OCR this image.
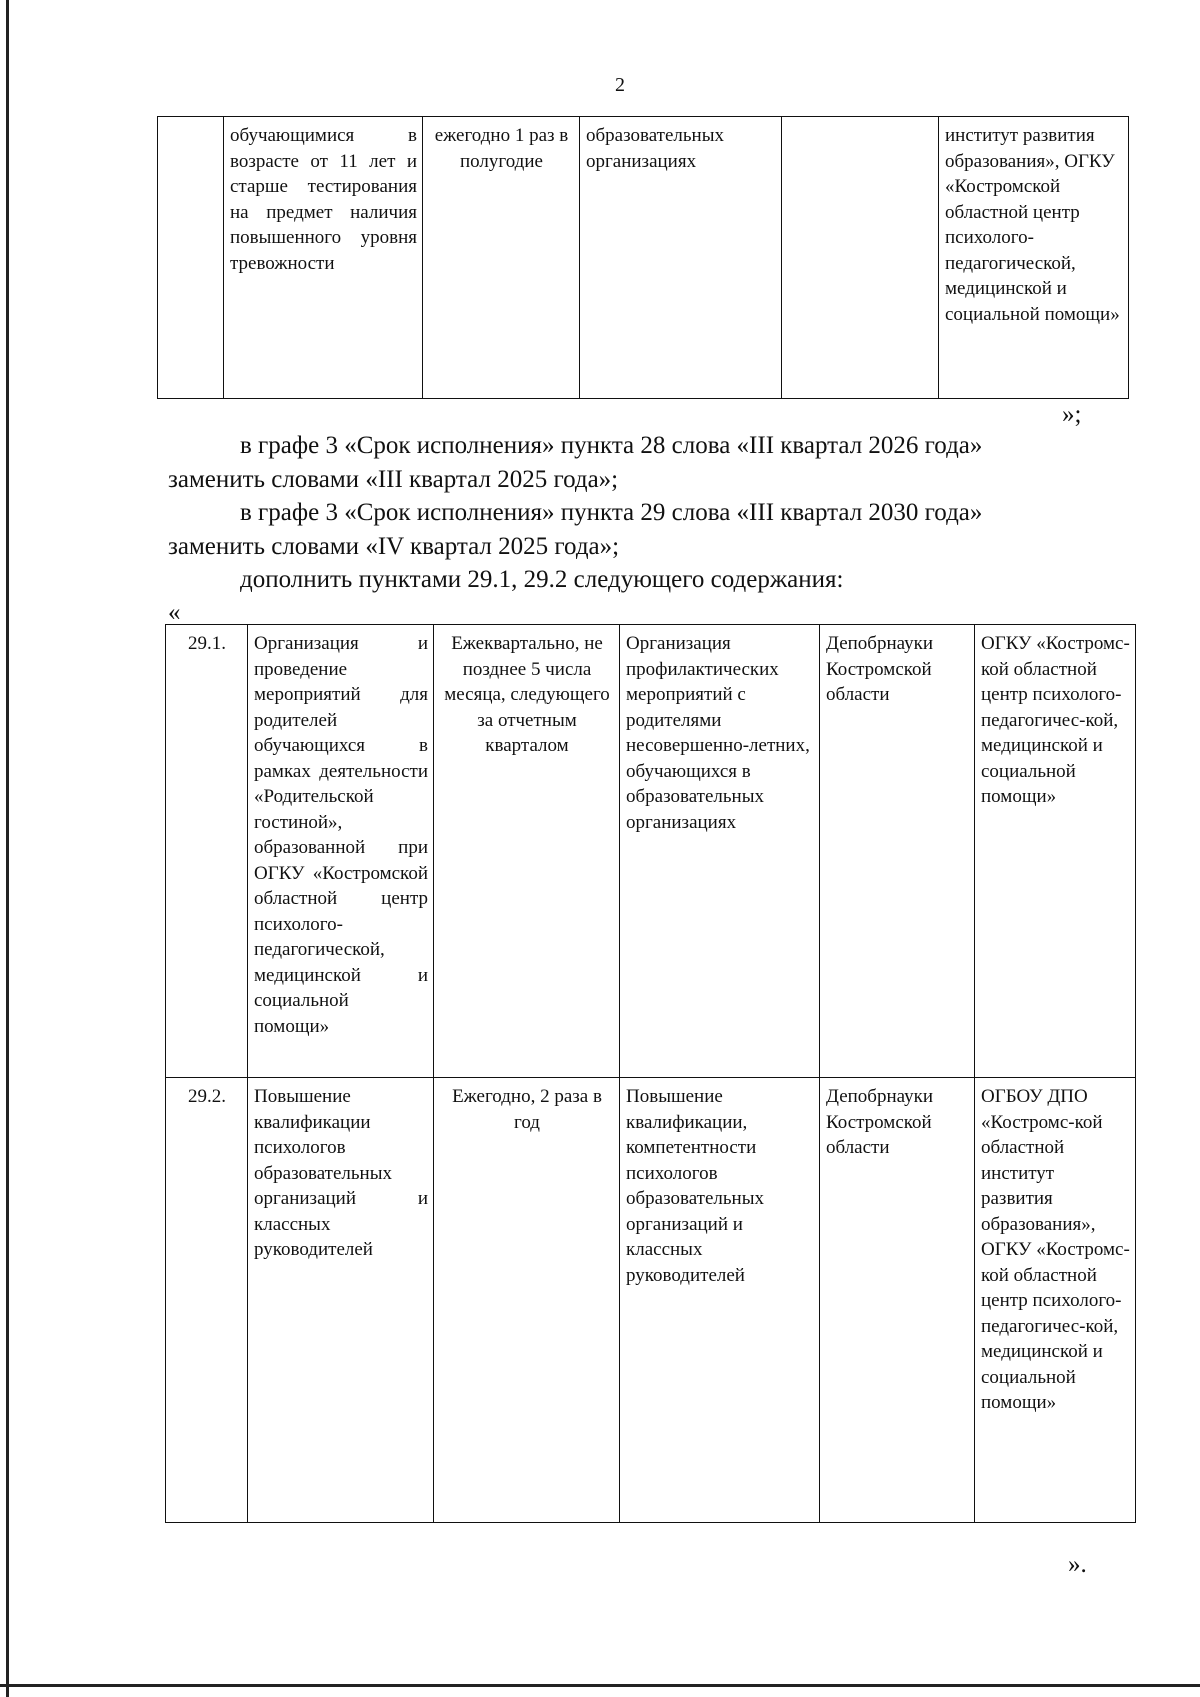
2
	обучающимися в возрасте от 11 лет и старше тестирования на предмет наличия повышенного уровня тревожности	ежегодно 1 раз в полугодие	образовательных организациях		институт развития образования», ОГКУ «Костромской областной центр психолого-педагогической, медицинской и социальной помощи»
»;
в графе 3 «Срок исполнения» пункта 28 слова «III квартал 2026 года»
заменить словами «III квартал 2025 года»;
в графе 3 «Срок исполнения» пункта 29 слова «III квартал 2030 года»
заменить словами «IV квартал 2025 года»;
дополнить пунктами 29.1, 29.2 следующего содержания:
«
29.1.	Организация и проведение мероприятий для родителей обучающихся в рамках деятельности «Родительской гостиной», образованной при ОГКУ «Костромской областной центр психолого-педагогической, медицинской и социальной помощи»	Ежеквартально, не позднее 5 числа месяца, следующего за отчетным кварталом	Организация профилактических мероприятий с родителями несовершенно-летних, обучающихся в образовательных организациях	Депобрнауки Костромской области	ОГКУ «Костромс-кой областной центр психолого-педагогичес-кой, медицинской и социальной помощи»
29.2.	Повышение квалификации психологов образовательных организаций и классных руководителей	Ежегодно, 2 раза в год	Повышение квалификации, компетентности психологов образовательных организаций и классных руководителей	Депобрнауки Костромской области	ОГБОУ ДПО «Костромс-кой областной институт развития образования», ОГКУ «Костромс-кой областной центр психолого-педагогичес-кой, медицинской и социальной помощи»
».
